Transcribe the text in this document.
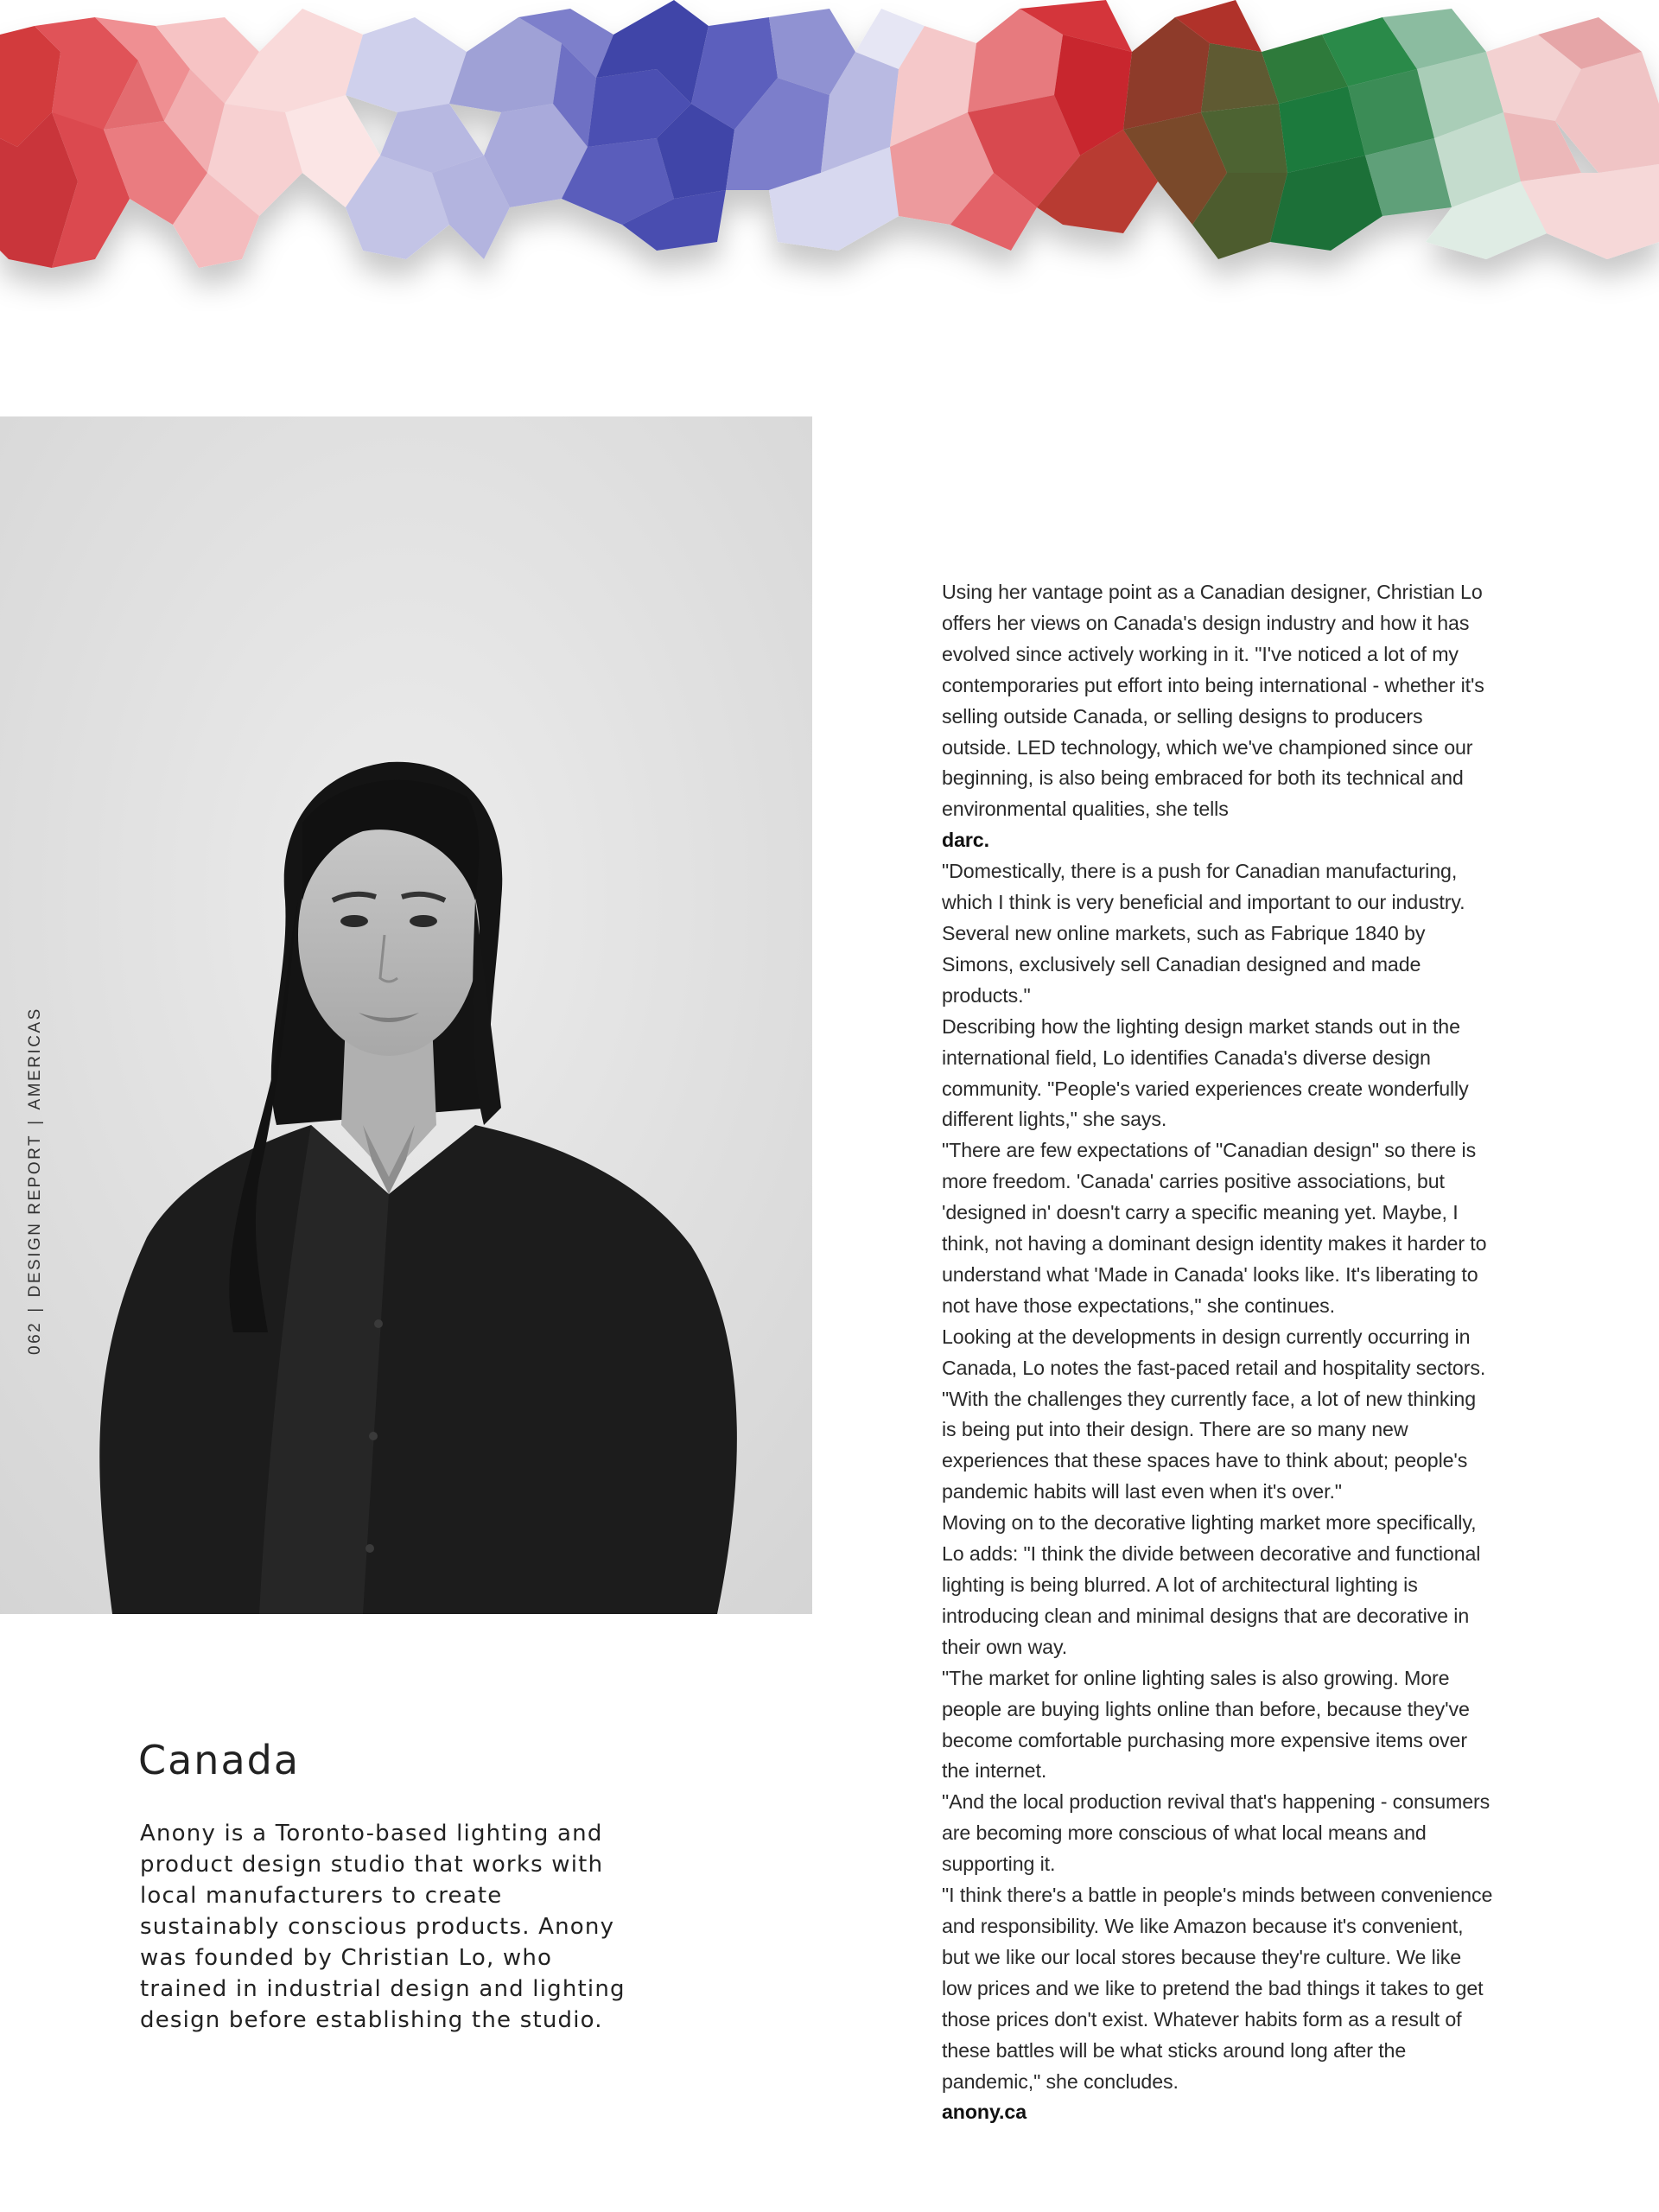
062|DESIGN REPORT|AMERICAS
Canada

Anony is a Toronto-based lighting and product design studio that works with local manufacturers to create sustainably conscious products. Anony was founded by Christian Lo, who trained in industrial design and lighting design before establishing the studio.

Using her vantage point as a Canadian designer, Christian Lo offers her views on Canada's design industry and how it has evolved since actively working in it. "I've noticed a lot of my contemporaries put effort into being international - whether it's selling outside Canada, or selling designs to producers outside. LED technology, which we've championed since our beginning, is also being embraced for both its technical and environmental qualities, she tells

darc.

"Domestically, there is a push for Canadian manufacturing, which I think is very beneficial and important to our industry. Several new online markets, such as Fabrique 1840 by Simons, exclusively sell Canadian designed and made products."

Describing how the lighting design market stands out in the international field, Lo identifies Canada's diverse design community. "People's varied experiences create wonderfully different lights," she says.

"There are few expectations of "Canadian design" so there is more freedom. 'Canada' carries positive associations, but 'designed in' doesn't carry a specific meaning yet. Maybe, I think, not having a dominant design identity makes it harder to understand what 'Made in Canada' looks like. It's liberating to not have those expectations," she continues.

Looking at the developments in design currently occurring in Canada, Lo notes the fast-paced retail and hospitality sectors. "With the challenges they currently face, a lot of new thinking is being put into their design. There are so many new experiences that these spaces have to think about; people's pandemic habits will last even when it's over."

Moving on to the decorative lighting market more specifically, Lo adds: "I think the divide between decorative and functional lighting is being blurred. A lot of architectural lighting is introducing clean and minimal designs that are decorative in their own way.

"The market for online lighting sales is also growing. More people are buying lights online than before, because they've become comfortable purchasing more expensive items over the internet.

"And the local production revival that's happening - consumers are becoming more conscious of what local means and supporting it.

"I think there's a battle in people's minds between convenience and responsibility. We like Amazon because it's convenient, but we like our local stores because they're culture. We like low prices and we like to pretend the bad things it takes to get those prices don't exist. Whatever habits form as a result of these battles will be what sticks around long after the pandemic," she concludes.

anony.ca
